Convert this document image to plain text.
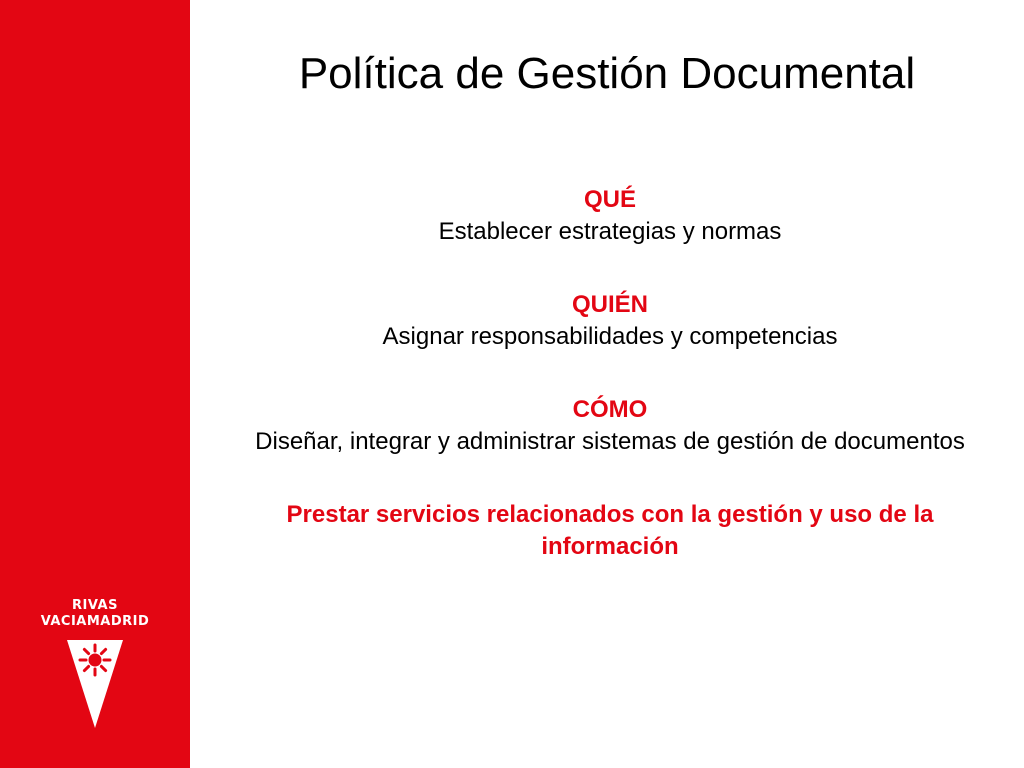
RIVAS
VACIAMADRID
Política de Gestión Documental
QUÉ
Establecer estrategias y normas
QUIÉN
Asignar responsabilidades y competencias
CÓMO
Diseñar, integrar y administrar sistemas de gestión de documentos
Prestar servicios relacionados con la gestión y uso de la información
